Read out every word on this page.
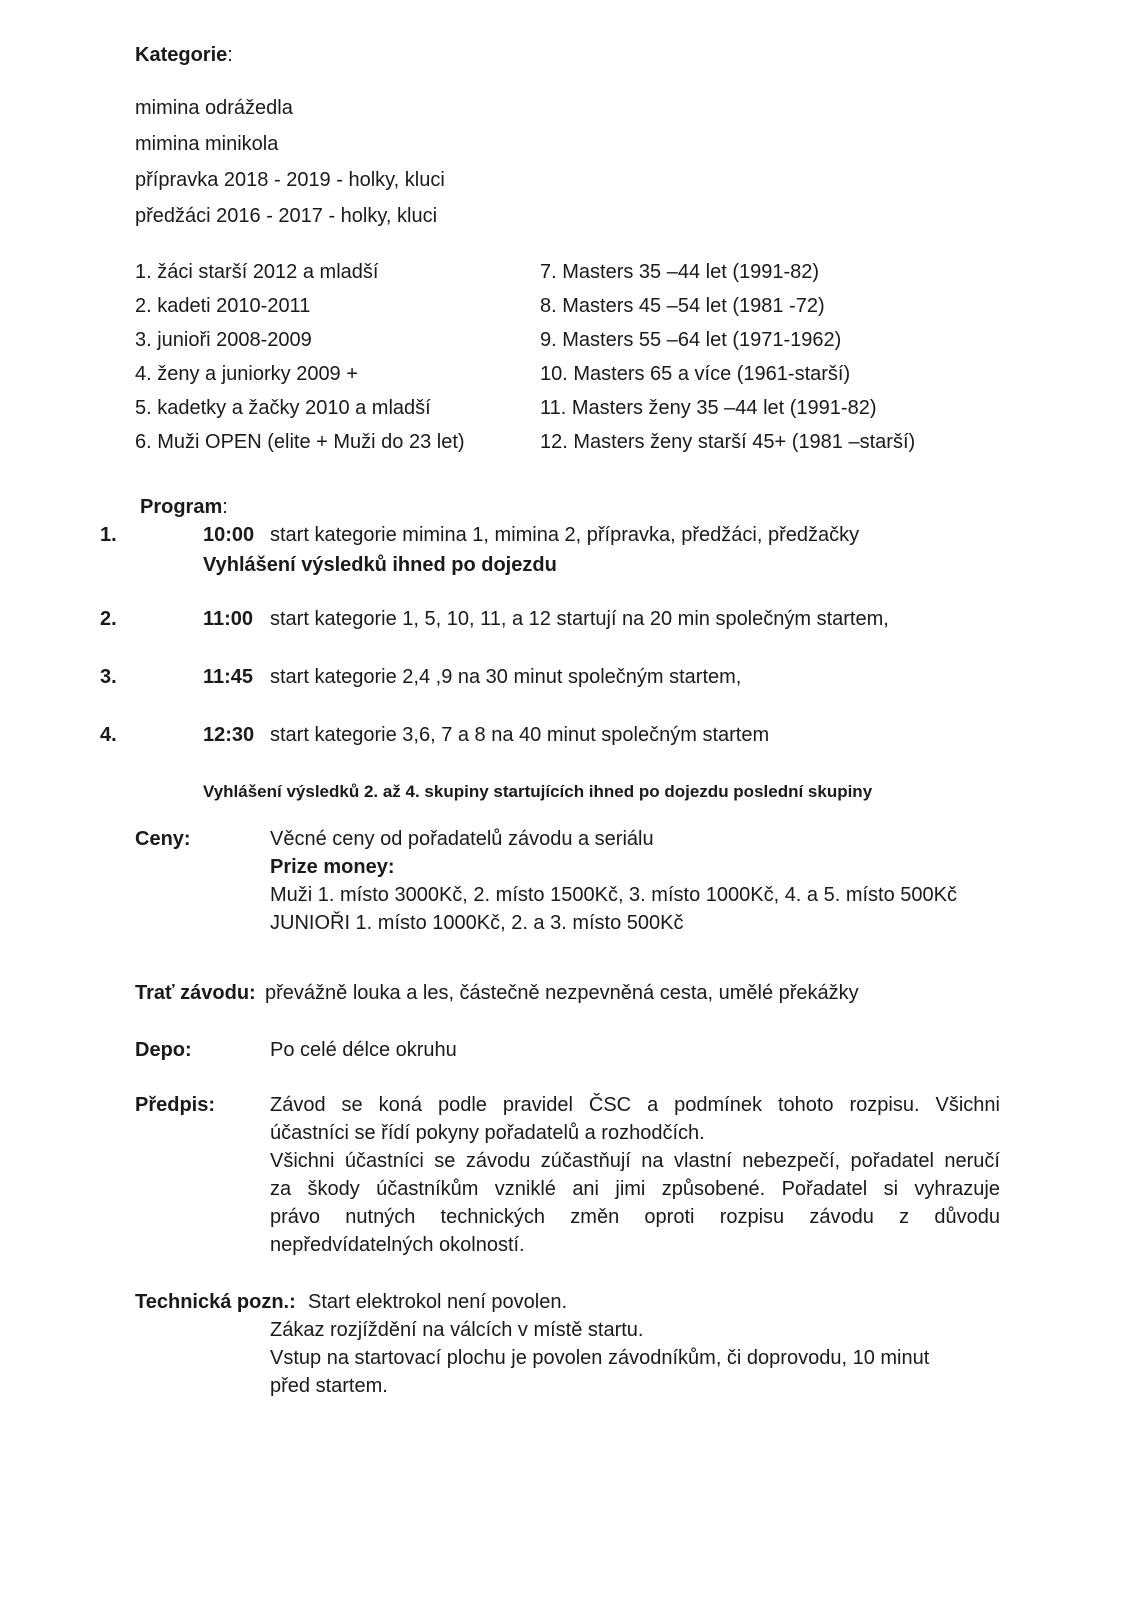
Kategorie:
mimina odrážedla
mimina minikola
přípravka 2018 - 2019 - holky, kluci
předžáci 2016 - 2017 - holky, kluci
1. žáci starší 2012 a mladší
2. kadeti 2010-2011
3. junioři 2008-2009
4. ženy a juniorky 2009 +
5. kadetky a žačky 2010 a mladší
6. Muži OPEN (elite + Muži do 23 let)
7. Masters 35 –44 let (1991-82)
8. Masters 45 –54 let (1981 -72)
9. Masters 55 –64 let (1971-1962)
10. Masters 65 a více (1961-starší)
11. Masters ženy 35 –44 let (1991-82)
12. Masters ženy starší 45+ (1981 –starší)
Program:
1.	10:00 start kategorie mimina 1, mimina 2, přípravka, předžáci, předžačky
Vyhlášení výsledků ihned po dojezdu
2.	11:00 start kategorie 1, 5, 10, 11, a 12 startují na 20 min společným startem,
3.	11:45 start kategorie 2,4 ,9 na 30 minut společným startem,
4.	12:30 start kategorie 3,6, 7 a 8 na 40 minut společným startem
Vyhlášení výsledků 2. až 4. skupiny startujících ihned po dojezdu poslední skupiny
Ceny:	Věcné ceny od pořadatelů závodu a seriálu
Prize money:
Muži 1. místo 3000Kč, 2. místo 1500Kč, 3. místo 1000Kč, 4. a 5. místo 500Kč
JUNIOŘI 1. místo 1000Kč, 2. a 3. místo 500Kč
Trať závodu: převážně louka a les, částečně nezpevněná cesta, umělé překážky
Depo:	Po celé délce okruhu
Předpis:	Závod se koná podle pravidel ČSC a podmínek tohoto rozpisu. Všichni
účastníci se řídí pokyny pořadatelů a rozhodčích.
Všichni účastníci se závodu zúčastňují na vlastní nebezpečí, pořadatel neručí
za škody účastníkům vzniklé ani jimi způsobené. Pořadatel si vyhrazuje
právo nutných technických změn oproti rozpisu závodu z důvodu
nepředvídatelných okolností.
Technická pozn.: Start elektrokol není povolen.
Zákaz rozjíždění na válcích v místě startu.
Vstup na startovací plochu je povolen závodníkům, či doprovodu, 10 minut
před startem.
